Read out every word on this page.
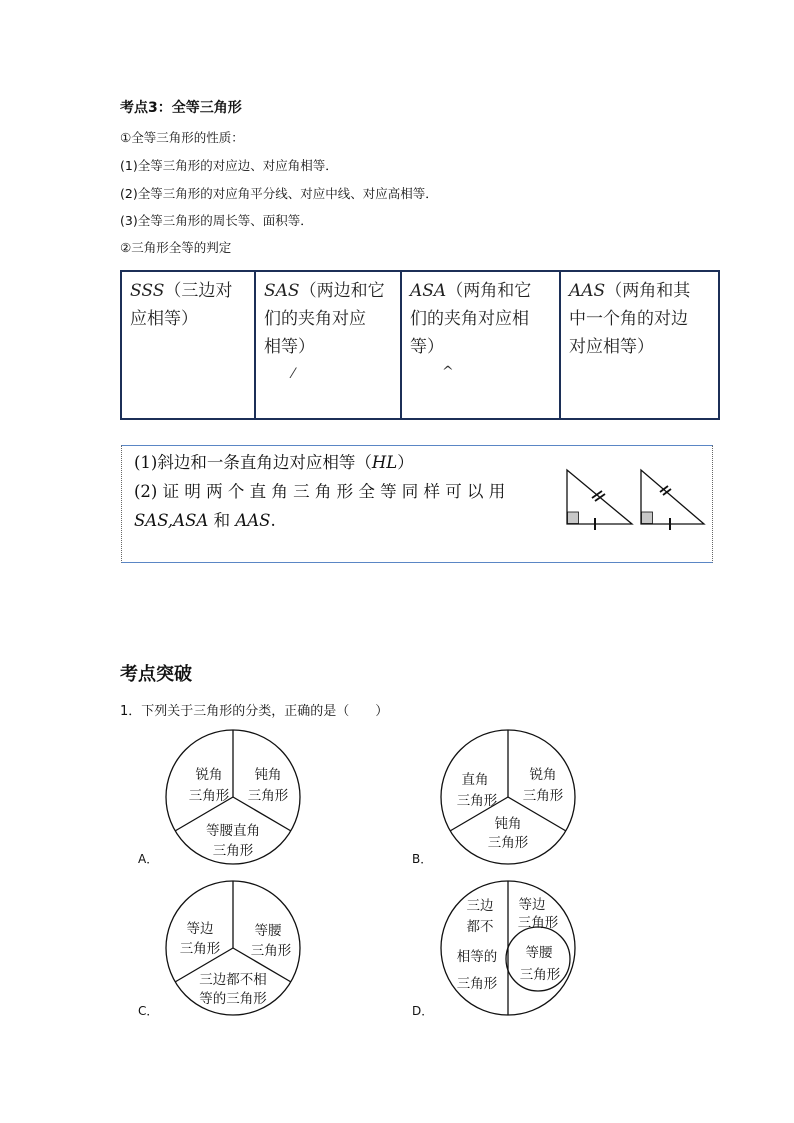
考点3：全等三角形
①全等三角形的性质：
(1)全等三角形的对应边、对应角相等．
(2)全等三角形的对应角平分线、对应中线、对应高相等．
(3)全等三角形的周长等、面积等．
②三角形全等的判定
SSS（三边对
应相等）
SAS（两边和它
们的夹角对应
相等）
⁄
ASA（两角和它
们的夹角对应相
等）
^
AAS（两角和其
中一个角的对边
对应相等）
(1)斜边和一条直角边对应相等（HL）
(2) 证 明 两 个 直 角 三 角 形 全 等 同 样 可 以 用
SAS,ASA 和 AAS.
考点突破
1．下列关于三角形的分类，正确的是（　　）
A．
锐角
三角形
钝角
三角形
等腰直角
三角形	B．
直角
三角形
锐角
三角形
钝角
三角形
C．
等边
三角形
等腰
三角形
三边都不相
等的三角形
D．
三边
都不
相等的
三角形
等边
三角形
等腰
三角形
